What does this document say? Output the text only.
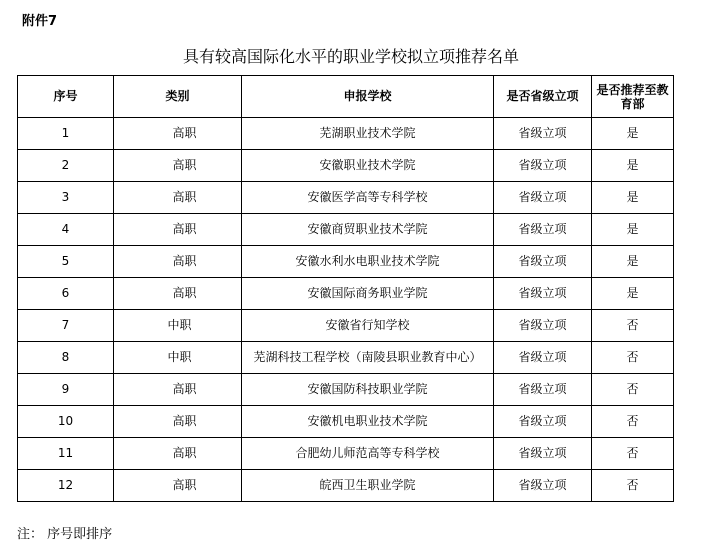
附件7
具有较高国际化水平的职业学校拟立项推荐名单
序号	类别	申报学校	是否省级立项	是否推荐至教育部
1	高职	芜湖职业技术学院	省级立项	是
2	高职	安徽职业技术学院	省级立项	是
3	高职	安徽医学高等专科学校	省级立项	是
4	高职	安徽商贸职业技术学院	省级立项	是
5	高职	安徽水利水电职业技术学院	省级立项	是
6	高职	安徽国际商务职业学院	省级立项	是
7	中职	安徽省行知学校	省级立项	否
8	中职	芜湖科技工程学校（南陵县职业教育中心）	省级立项	否
9	高职	安徽国防科技职业学院	省级立项	否
10	高职	安徽机电职业技术学院	省级立项	否
11	高职	合肥幼儿师范高等专科学校	省级立项	否
12	高职	皖西卫生职业学院	省级立项	否
注： 序号即排序
